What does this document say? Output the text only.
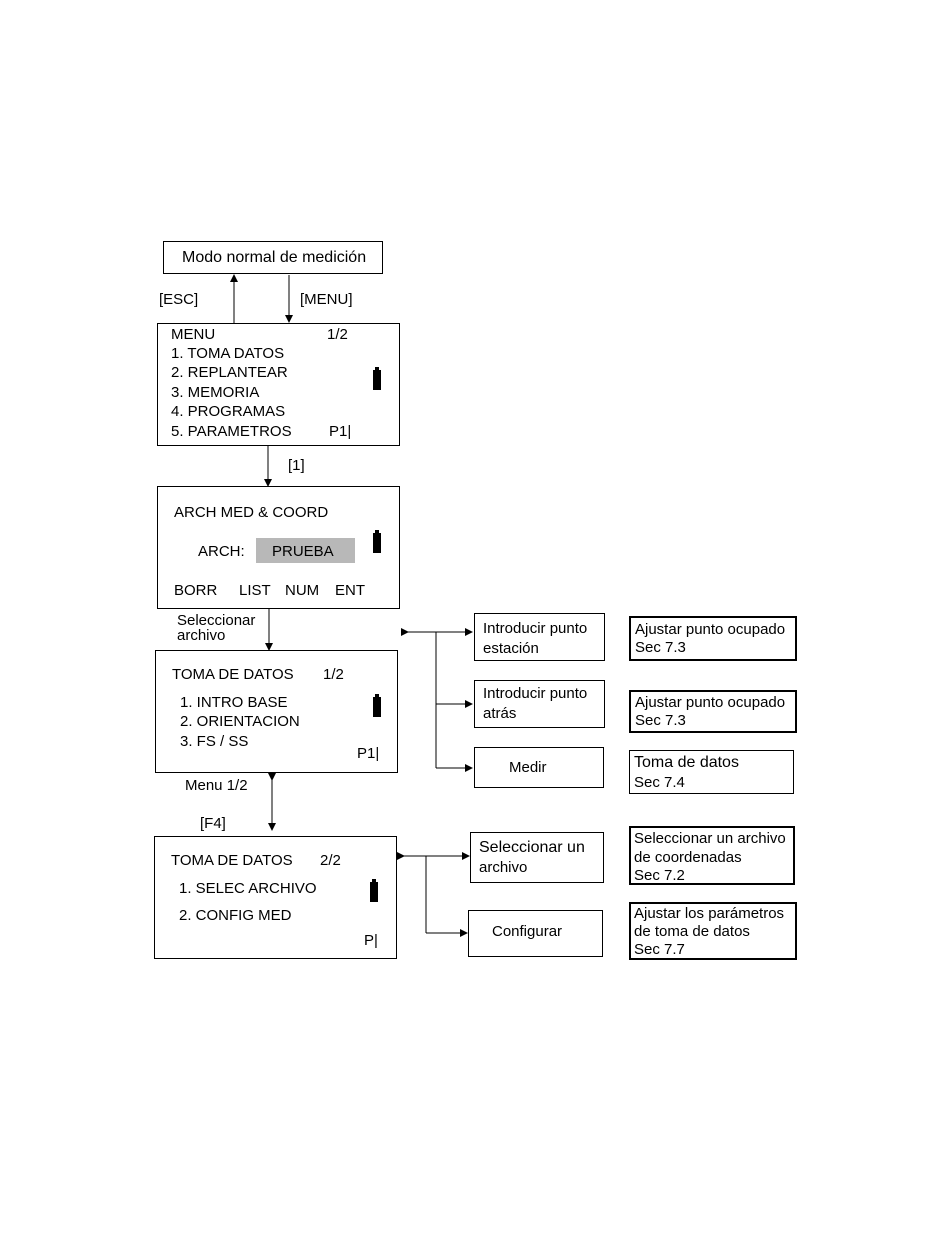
Modo normal de medición
[ESC]	[MENU]
MENU	1/2
1. TOMA DATOS
2. REPLANTEAR
3. MEMORIA
4. PROGRAMAS
5. PARAMETROS P1|
[1]
ARCH MED & COORD
ARCH: PRUEBA
BORR LIST NUM ENT
Seleccionar
archivo
TOMA DE DATOS 1/2
1. INTRO BASE
2. ORIENTACION
3. FS / SS
P1|
Menu 1/2
[F4]
TOMA DE DATOS 2/2
1. SELEC ARCHIVO
2. CONFIG MED
P|
Introducir punto
estación
Introducir punto
atrás
Medir
Seleccionar un
archivo
Configurar
Ajustar punto ocupado
Sec 7.3
Ajustar punto ocupado
Sec 7.3
Toma de datos
Sec 7.4
Seleccionar un archivo
de coordenadas
Sec 7.2
Ajustar los parámetros
de toma de datos
Sec 7.7
